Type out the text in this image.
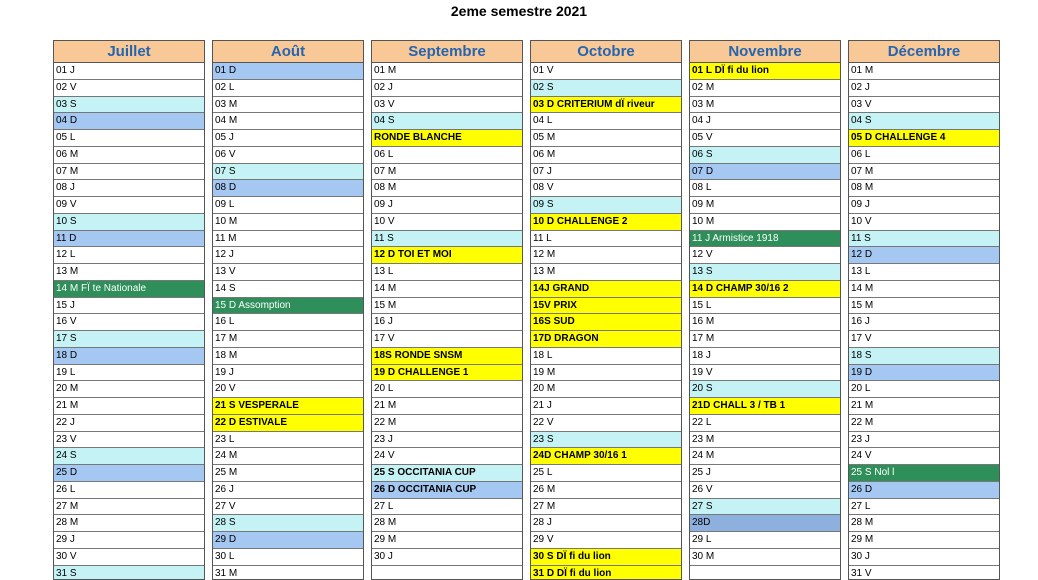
2eme semestre 2021
Juillet
01 J
02 V
03 S
04 D
05 L
06 M
07 M
08 J
09 V
10 S
11 D
12 L
13 M
14 M FÏ te Nationale
15 J
16 V
17 S
18 D
19 L
20 M
21 M
22 J
23 V
24 S
25 D
26 L
27 M
28 M
29 J
30 V
31 S
Août
01 D
02 L
03 M
04 M
05 J
06 V
07 S
08 D
09 L
10 M
11 M
12 J
13 V
14 S
15 D Assomption
16 L
17 M
18 M
19 J
20 V
21 S VESPERALE
22 D ESTIVALE
23 L
24 M
25 M
26 J
27 V
28 S
29 D
30 L
31 M
Septembre
01 M
02 J
03 V
04 S
RONDE BLANCHE
06 L
07 M
08 M
09 J
10 V
11 S
12 D TOI ET MOI
13 L
14 M
15 M
16 J
17 V
18S RONDE SNSM
19 D CHALLENGE 1
20 L
21 M
22 M
23 J
24 V
25 S OCCITANIA CUP
26 D OCCITANIA CUP
27 L
28 M
29 M
30 J
Octobre
01 V
02 S
03 D CRITERIUM dÏ riveur
04 L
05 M
06 M
07 J
08 V
09 S
10 D CHALLENGE 2
11 L
12 M
13 M
14J GRAND
15V PRIX
16S SUD
17D DRAGON
18 L
19 M
20 M
21 J
22 V
23 S
24D CHAMP 30/16 1
25 L
26 M
27 M
28 J
29 V
30 S DÏ fi du lion
31 D DÏ fi du lion
Novembre
01 L DÏ fi du lion
02 M
03 M
04 J
05 V
06 S
07 D
08 L
09 M
10 M
11 J Armistice 1918
12 V
13 S
14 D CHAMP 30/16 2
15 L
16 M
17 M
18 J
19 V
20 S
21D CHALL 3 / TB 1
22 L
23 M
24 M
25 J
26 V
27 S
28D
29 L
30 M
Décembre
01 M
02 J
03 V
04 S
05 D CHALLENGE 4
06 L
07 M
08 M
09 J
10 V
11 S
12 D
13 L
14 M
15 M
16 J
17 V
18 S
19 D
20 L
21 M
22 M
23 J
24 V
25 S Nol l
26 D
27 L
28 M
29 M
30 J
31 V
